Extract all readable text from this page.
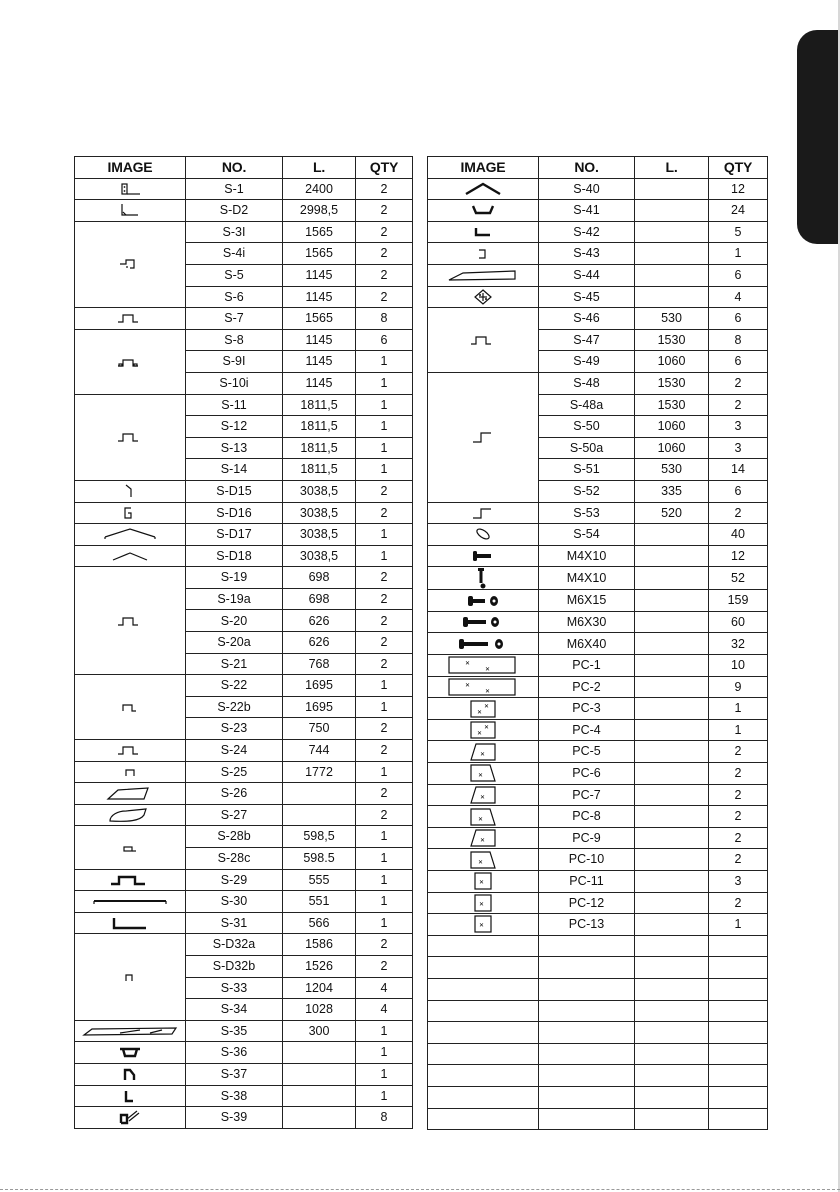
IMAGE	NO.	L.	QTY

	S-1	2400	2

	S-D2	2998,5	2

	S-3I	1565	2
	S-4i	1565	2
	S-5	1145	2
	S-6	1145	2

	S-7	1565	8

	S-8	1145	6
	S-9I	1145	1
	S-10i	1145	1

	S-11	1811,5	1
	S-12	1811,5	1
	S-13	1811,5	1
	S-14	1811,5	1

	S-D15	3038,5	2

	S-D16	3038,5	2

	S-D17	3038,5	1

	S-D18	3038,5	1

	S-19	698	2
	S-19a	698	2
	S-20	626	2
	S-20a	626	2
	S-21	768	2

	S-22	1695	1
	S-22b	1695	1
	S-23	750	2

	S-24	744	2

	S-25	1772	1

	S-26		2

	S-27		2

	S-28b	598,5	1
	S-28c	598.5	1

	S-29	555	1

	S-30	551	1

	S-31	566	1

	S-D32a	1586	2
	S-D32b	1526	2
	S-33	1204	4
	S-34	1028	4

	S-35	300	1

	S-36		1

	S-37		1

	S-38		1

	S-39		8
IMAGE	NO.	L.	QTY

	S-40		12

	S-41		24

	S-42		5

	S-43		1

	S-44		6

	S-45		4

	S-46	530	6
	S-47	1530	8
	S-49	1060	6

	S-48	1530	2
	S-48a	1530	2
	S-50	1060	3
	S-50a	1060	3
	S-51	530	14
	S-52	335	6

	S-53	520	2

	S-54		40

	M4X10		12

	M4X10		52

	M6X15		159

	M6X30		60

	M6X40		32

✕
✕	PC-1		10

✕
✕	PC-2		9

✕
✕	PC-3		1

✕
✕	PC-4		1

✕	PC-5		2

✕	PC-6		2

✕	PC-7		2

✕	PC-8		2

✕	PC-9		2

✕	PC-10		2

✕	PC-11		3

✕	PC-12		2

✕	PC-13		1
